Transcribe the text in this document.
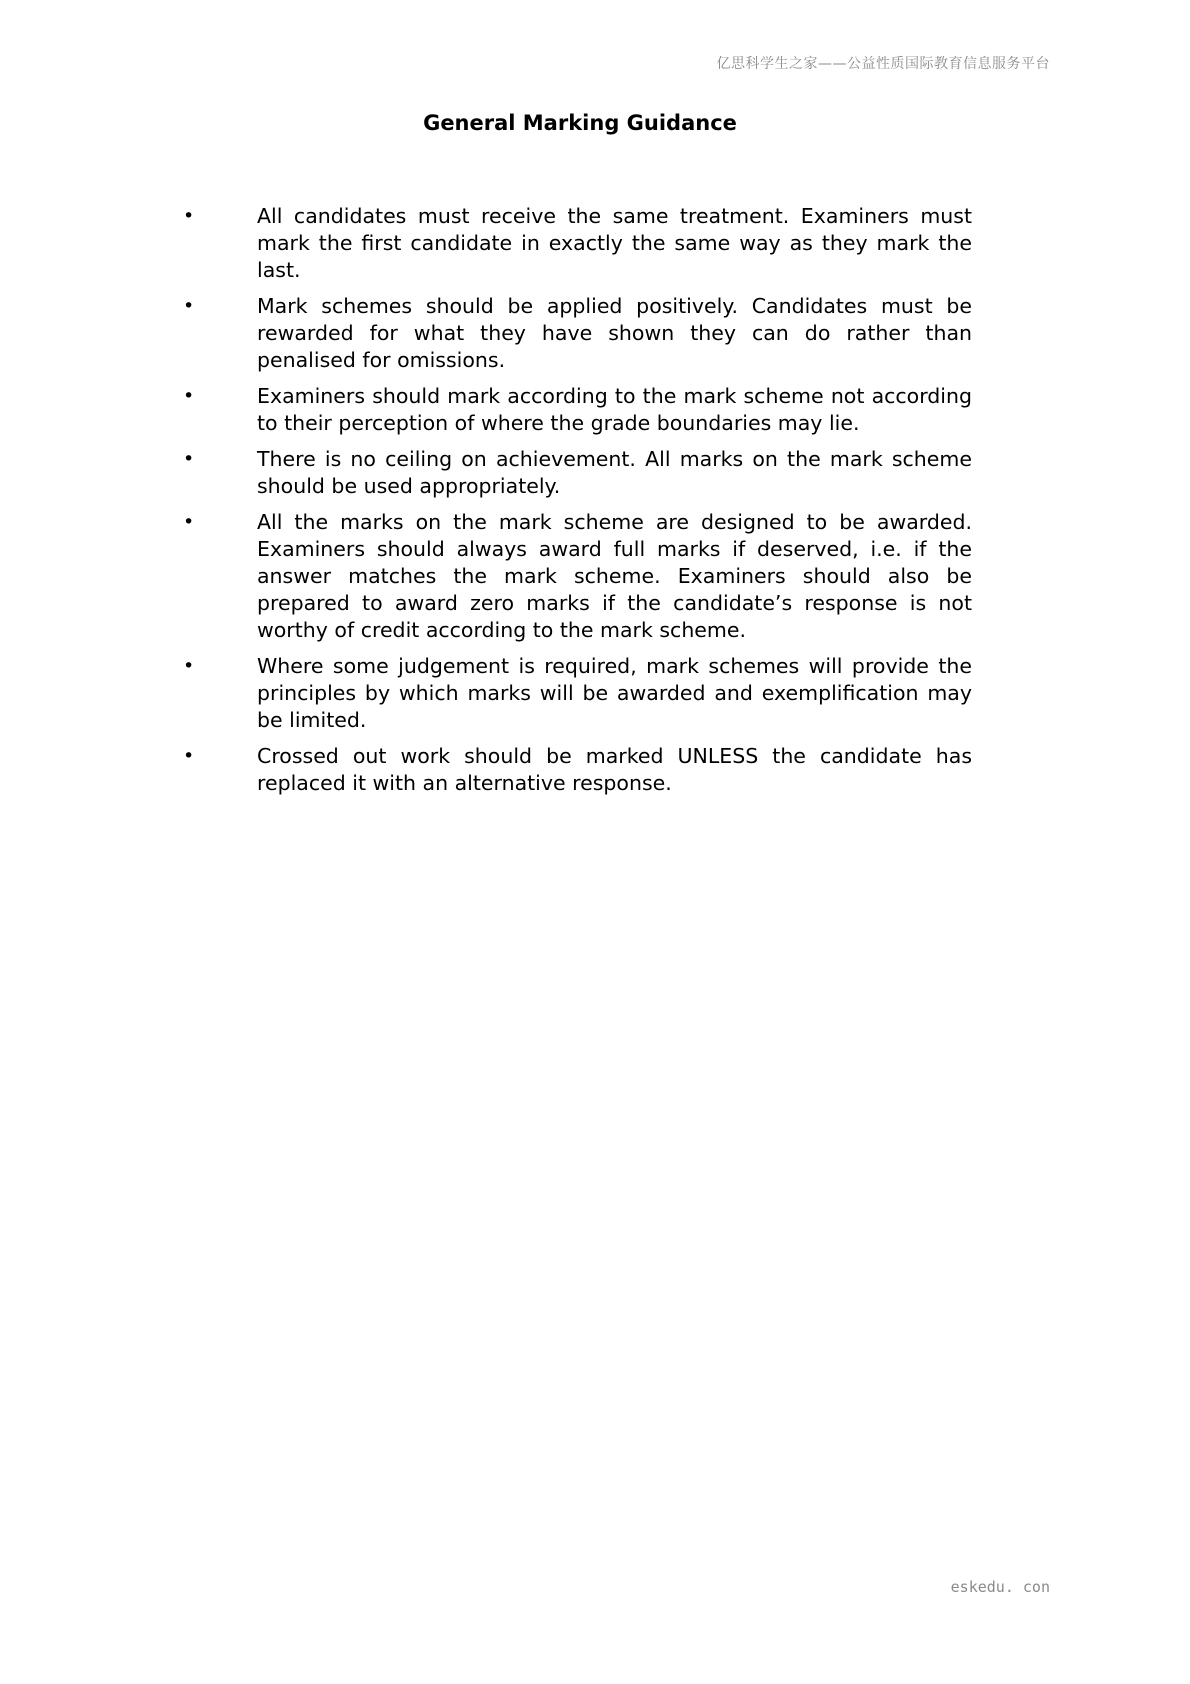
亿思科学生之家——公益性质国际教育信息服务平台
General Marking Guidance
•	All candidates must receive the same treatment. Examiners must mark the first candidate in exactly the same way as they mark the last.

•	Mark schemes should be applied positively. Candidates must be rewarded for what they have shown they can do rather than penalised for omissions.

•	Examiners should mark according to the mark scheme not according to their perception of where the grade boundaries may lie.

•	There is no ceiling on achievement. All marks on the mark scheme should be used appropriately.

•	All the marks on the mark scheme are designed to be awarded. Examiners should always award full marks if deserved, i.e. if the answer matches the mark scheme. Examiners should also be prepared to award zero marks if the candidate’s response is not worthy of credit according to the mark scheme.

•	Where some judgement is required, mark schemes will provide the principles by which marks will be awarded and exemplification may be limited.

•	Crossed out work should be marked UNLESS the candidate has replaced it with an alternative response.

eskedu. con
